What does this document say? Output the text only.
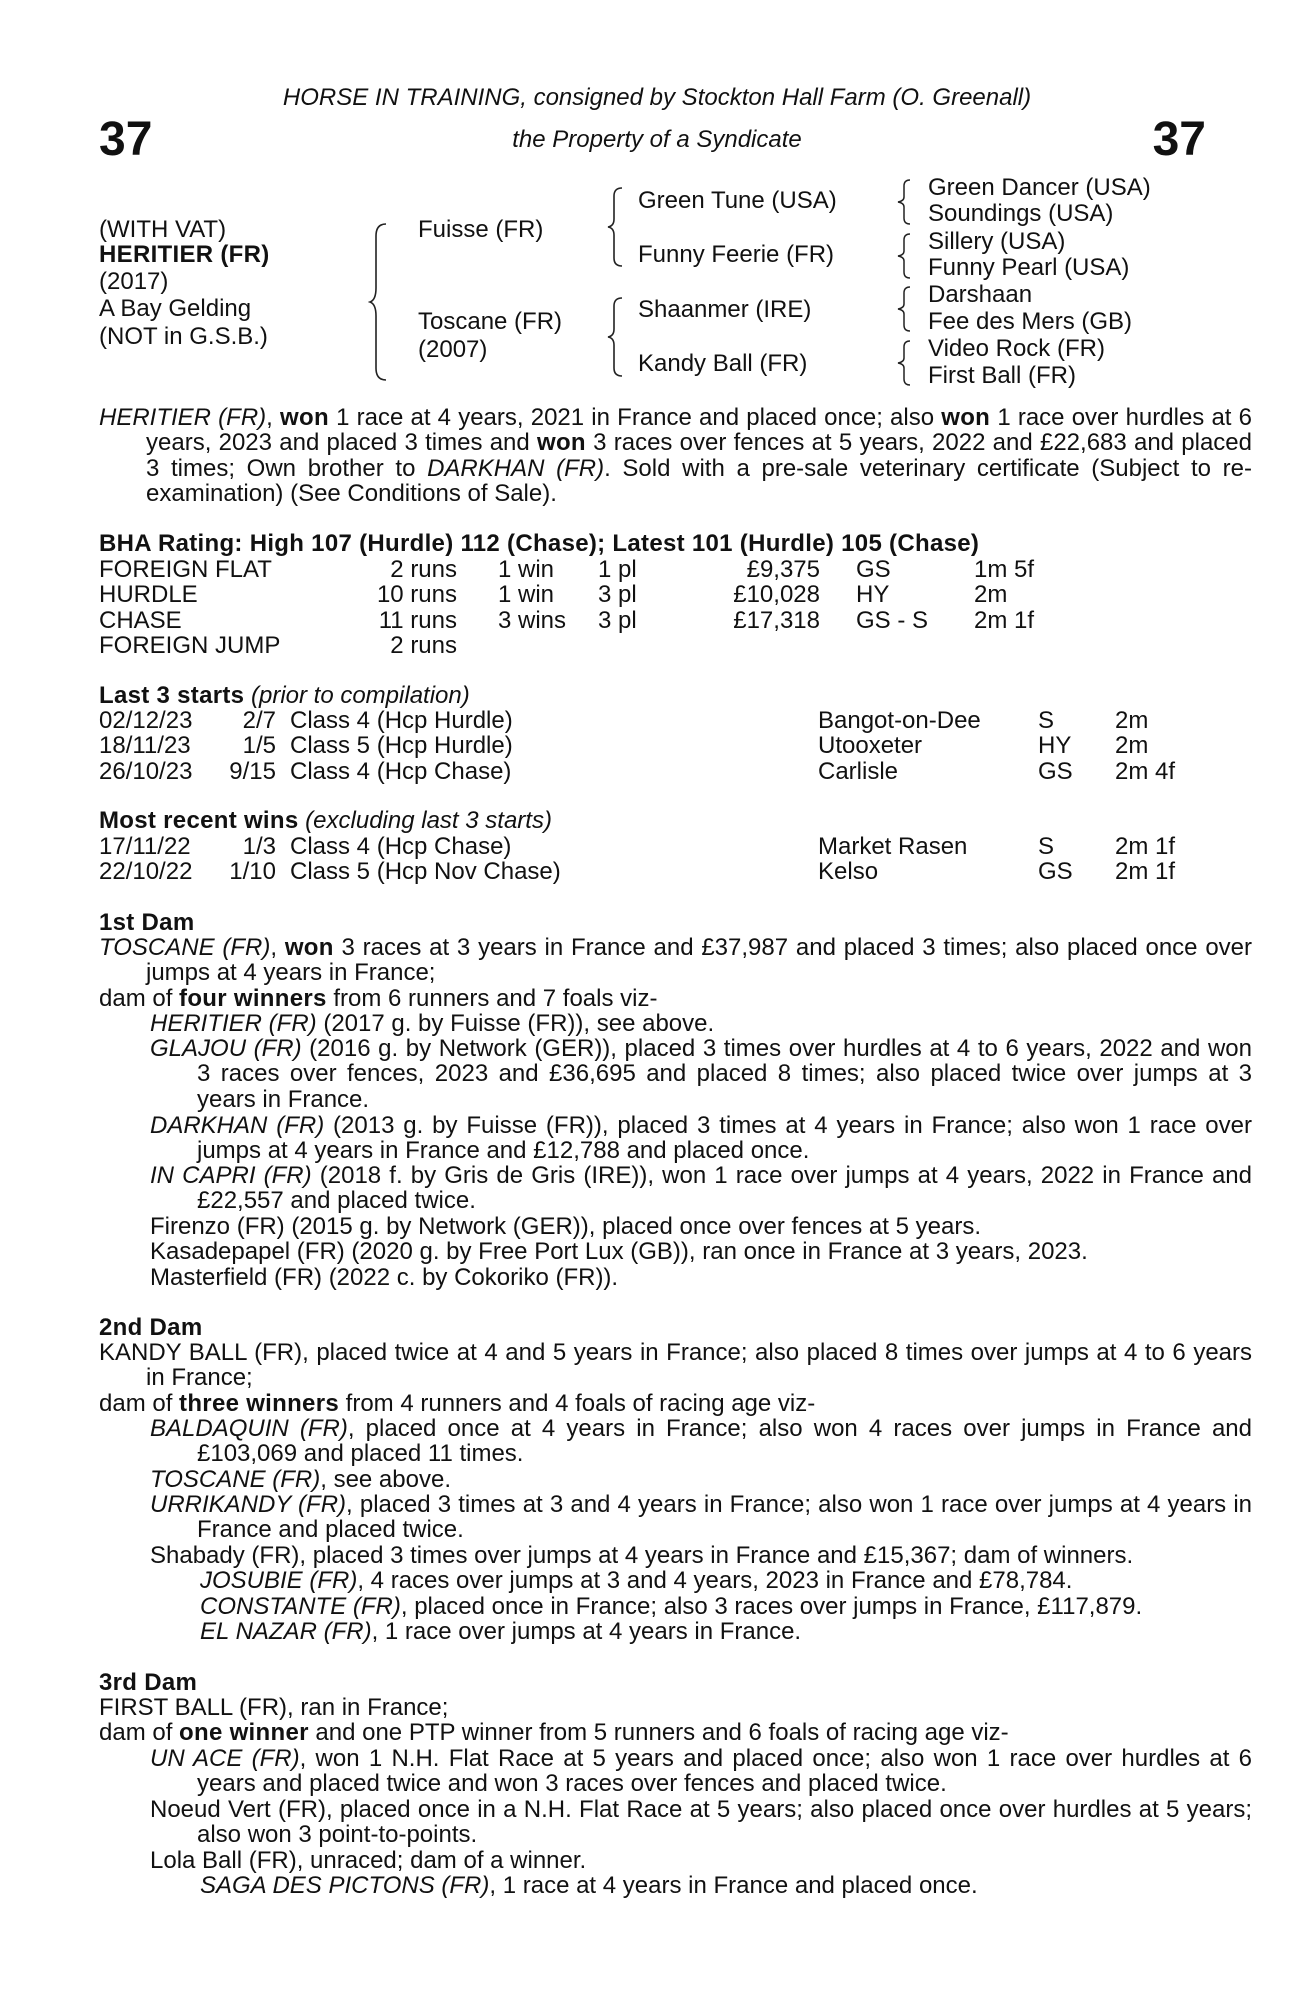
HORSE IN TRAINING, consigned by Stockton Hall Farm (O. Greenall)
the Property of a Syndicate
37	37
(WITH VAT)
HERITIER (FR)
(2017)
A Bay Gelding
(NOT in G.S.B.)
Fuisse (FR)
Toscane (FR)
(2007)
Green Tune (USA)
Funny Feerie (FR)
Shaanmer (IRE)
Kandy Ball (FR)
Green Dancer (USA)
Soundings (USA)
Sillery (USA)
Funny Pearl (USA)
Darshaan
Fee des Mers (GB)
Video Rock (FR)
First Ball (FR)
HERITIER (FR), won 1 race at 4 years, 2021 in France and placed once; also won 1 race over hurdles at 6 years, 2023 and placed 3 times and won 3 races over fences at 5 years, 2022 and £22,683 and placed 3 times; Own brother to DARKHAN (FR). Sold with a pre-sale veterinary certificate (Subject to re-examination) (See Conditions of Sale).
BHA Rating: High 107 (Hurdle) 112 (Chase); Latest 101 (Hurdle) 105 (Chase)
FOREIGN FLAT	2 runs 1 win 1 pl	£9,375 GS	1m 5f
HURDLE	10 runs 1 win 3 pl	£10,028 HY	2m
CHASE	11 runs 3 wins 3 pl	£17,318 GS - S 2m 1f
FOREIGN JUMP	2 runs
Last 3 starts (prior to compilation)
02/12/23 2/7 Class 4 (Hcp Hurdle)	Bangot-on-Dee S	2m
18/11/23 1/5 Class 5 (Hcp Hurdle)	Utooxeter	HY 2m
26/10/23 9/15 Class 4 (Hcp Chase)	Carlisle	GS 2m 4f
Most recent wins (excluding last 3 starts)
17/11/22 1/3 Class 4 (Hcp Chase)	Market Rasen	S	2m 1f
22/10/22 1/10 Class 5 (Hcp Nov Chase)	Kelso	GS 2m 1f
1st Dam
TOSCANE (FR), won 3 races at 3 years in France and £37,987 and placed 3 times; also placed once over jumps at 4 years in France;
dam of four winners from 6 runners and 7 foals viz-
HERITIER (FR) (2017 g. by Fuisse (FR)), see above.
GLAJOU (FR) (2016 g. by Network (GER)), placed 3 times over hurdles at 4 to 6 years, 2022 and won 3 races over fences, 2023 and £36,695 and placed 8 times; also placed twice over jumps at 3 years in France.
DARKHAN (FR) (2013 g. by Fuisse (FR)), placed 3 times at 4 years in France; also won 1 race over jumps at 4 years in France and £12,788 and placed once.
IN CAPRI (FR) (2018 f. by Gris de Gris (IRE)), won 1 race over jumps at 4 years, 2022 in France and £22,557 and placed twice.
Firenzo (FR) (2015 g. by Network (GER)), placed once over fences at 5 years.
Kasadepapel (FR) (2020 g. by Free Port Lux (GB)), ran once in France at 3 years, 2023.
Masterfield (FR) (2022 c. by Cokoriko (FR)).
2nd Dam
KANDY BALL (FR), placed twice at 4 and 5 years in France; also placed 8 times over jumps at 4 to 6 years in France;
dam of three winners from 4 runners and 4 foals of racing age viz-
BALDAQUIN (FR), placed once at 4 years in France; also won 4 races over jumps in France and £103,069 and placed 11 times.
TOSCANE (FR), see above.
URRIKANDY (FR), placed 3 times at 3 and 4 years in France; also won 1 race over jumps at 4 years in France and placed twice.
Shabady (FR), placed 3 times over jumps at 4 years in France and £15,367; dam of winners.
JOSUBIE (FR), 4 races over jumps at 3 and 4 years, 2023 in France and £78,784.
CONSTANTE (FR), placed once in France; also 3 races over jumps in France, £117,879.
EL NAZAR (FR), 1 race over jumps at 4 years in France.
3rd Dam
FIRST BALL (FR), ran in France;
dam of one winner and one PTP winner from 5 runners and 6 foals of racing age viz-
UN ACE (FR), won 1 N.H. Flat Race at 5 years and placed once; also won 1 race over hurdles at 6 years and placed twice and won 3 races over fences and placed twice.
Noeud Vert (FR), placed once in a N.H. Flat Race at 5 years; also placed once over hurdles at 5 years; also won 3 point-to-points.
Lola Ball (FR), unraced; dam of a winner.
SAGA DES PICTONS (FR), 1 race at 4 years in France and placed once.
